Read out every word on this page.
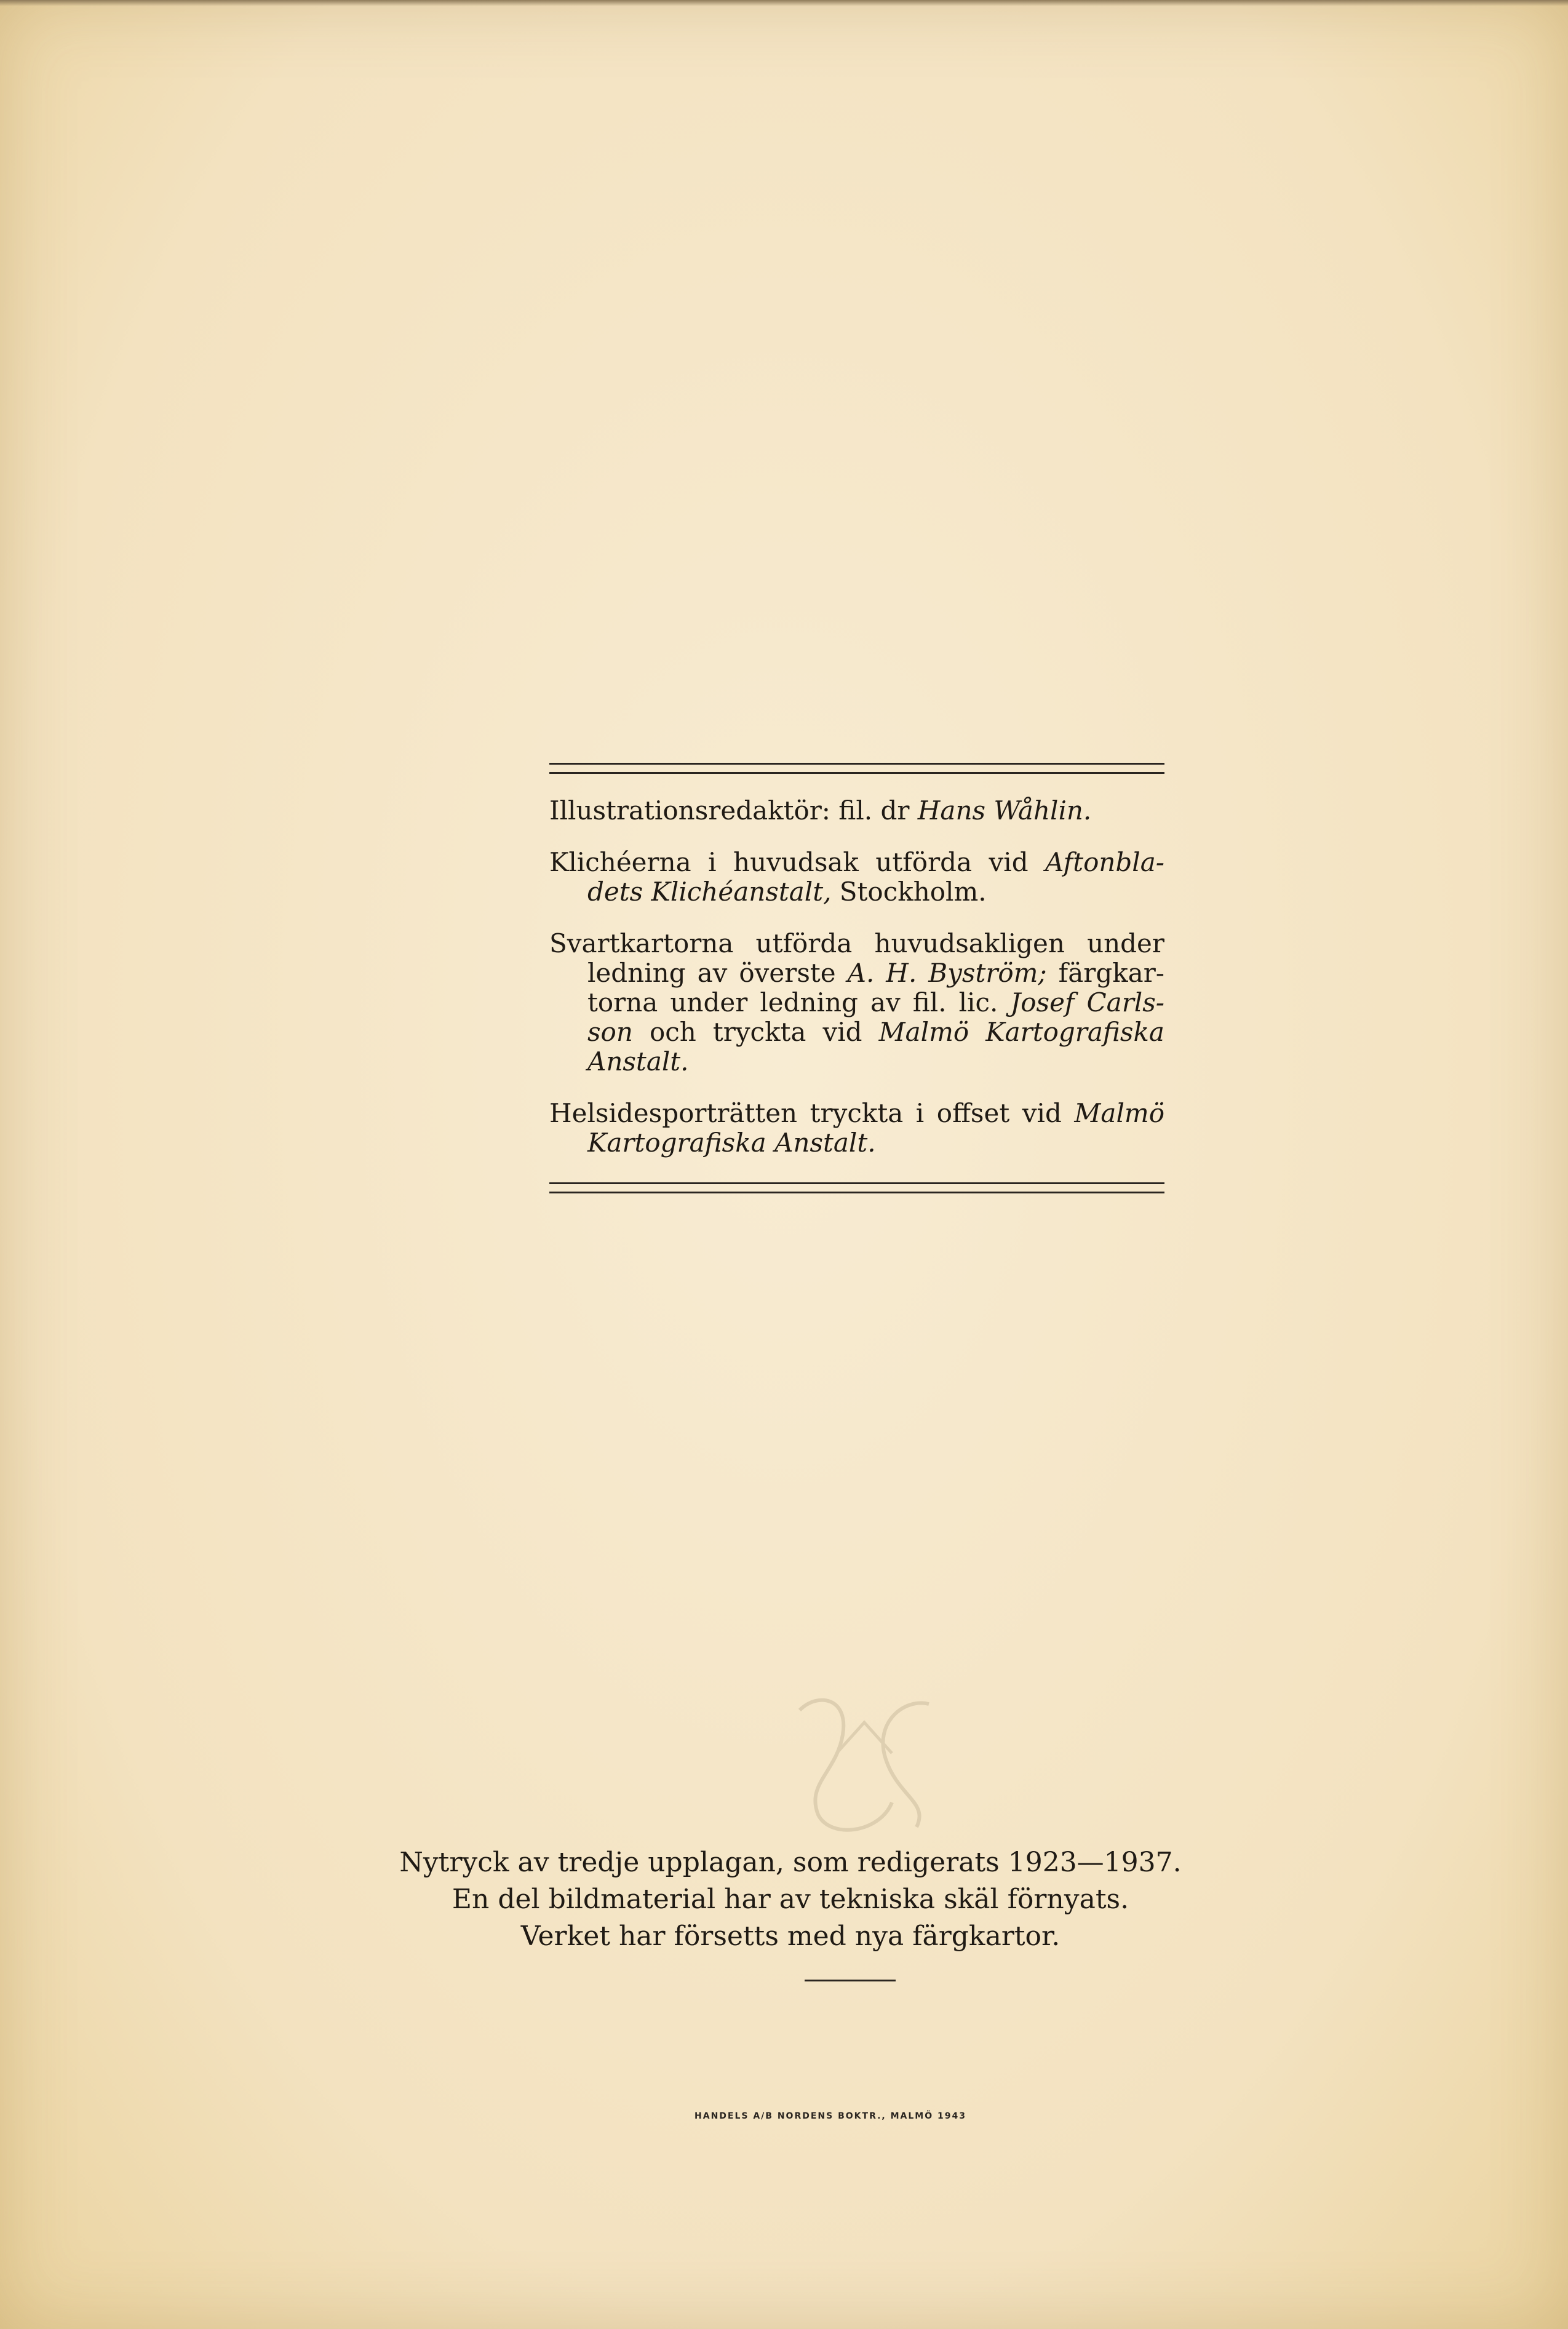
Illustrationsredaktör: fil. dr Hans Wåhlin.

Klichéerna i huvudsak utförda vid Aftonbladets Klichéanstalt, Stockholm.

Svartkartorna utförda huvudsakligen under ledning av överste A. H. Byström; färgkartorna under ledning av fil. lic. Josef Carlsson och tryckta vid Malmö Kartografiska Anstalt.

Helsidesporträtten tryckta i offset vid Malmö Kartografiska Anstalt.

Nytryck av tredje upplagan, som redigerats 1923—1937.
En del bildmaterial har av tekniska skäl förnyats.
Verket har försetts med nya färgkartor.
HANDELS A/B NORDENS BOKTR., MALMÖ 1943
